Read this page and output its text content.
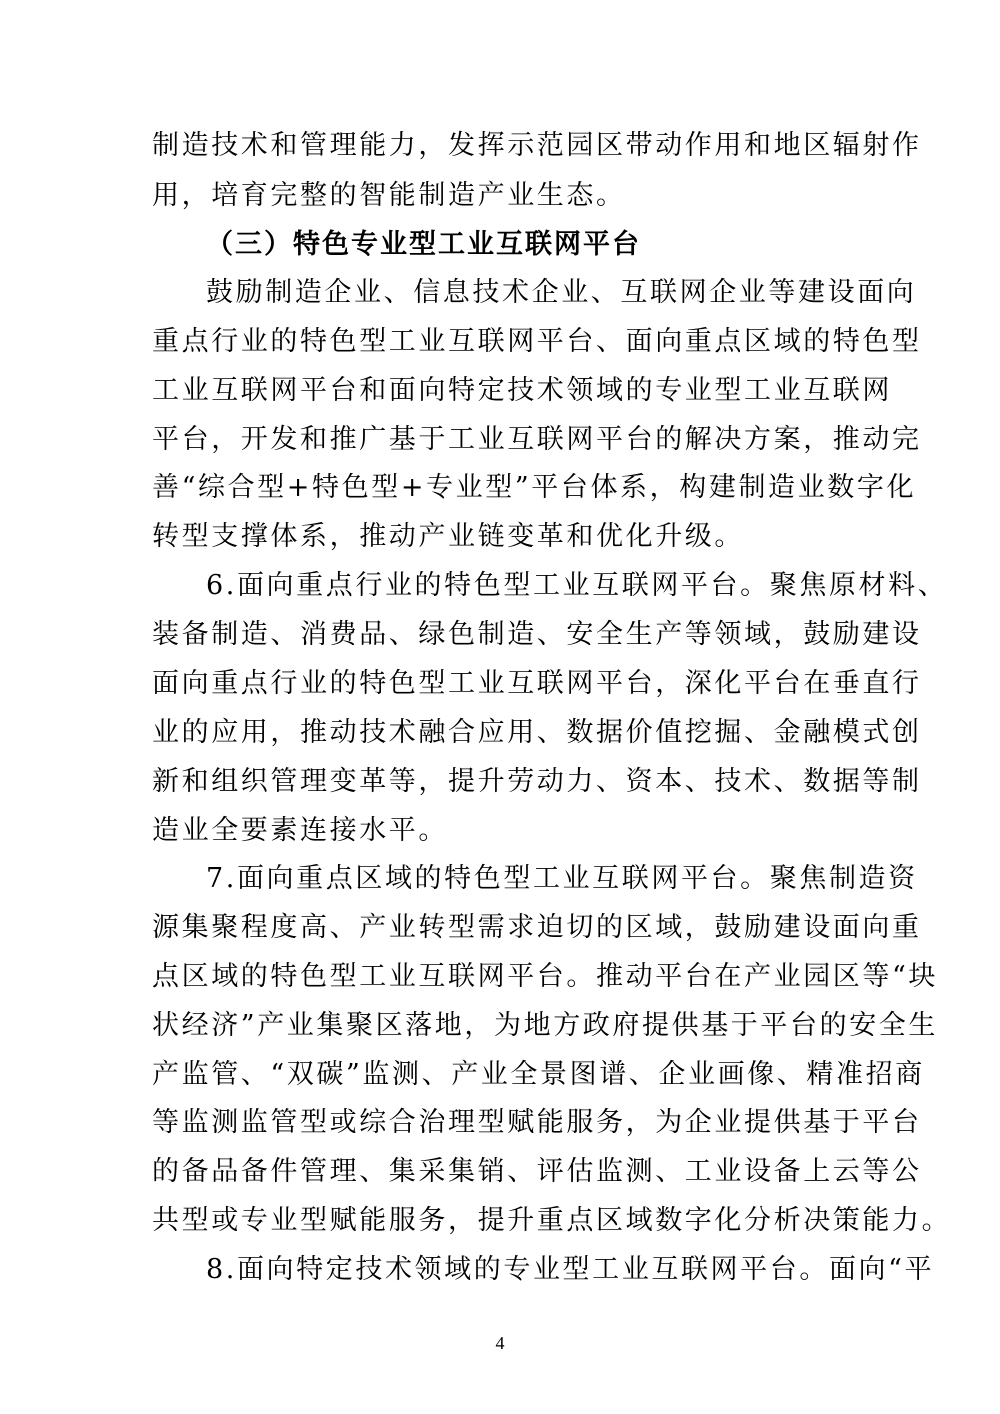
制造技术和管理能力，发挥示范园区带动作用和地区辐射作
用，培育完整的智能制造产业生态。
（三）特色专业型工业互联网平台
鼓励制造企业、信息技术企业、互联网企业等建设面向
重点行业的特色型工业互联网平台、面向重点区域的特色型
工业互联网平台和面向特定技术领域的专业型工业互联网
平台，开发和推广基于工业互联网平台的解决方案，推动完
善“综合型+特色型+专业型”平台体系，构建制造业数字化
转型支撑体系，推动产业链变革和优化升级。
6.面向重点行业的特色型工业互联网平台。聚焦原材料、
装备制造、消费品、绿色制造、安全生产等领域，鼓励建设
面向重点行业的特色型工业互联网平台，深化平台在垂直行
业的应用，推动技术融合应用、数据价值挖掘、金融模式创
新和组织管理变革等，提升劳动力、资本、技术、数据等制
造业全要素连接水平。
7.面向重点区域的特色型工业互联网平台。聚焦制造资
源集聚程度高、产业转型需求迫切的区域，鼓励建设面向重
点区域的特色型工业互联网平台。推动平台在产业园区等“块
状经济”产业集聚区落地，为地方政府提供基于平台的安全生
产监管、“双碳”监测、产业全景图谱、企业画像、精准招商
等监测监管型或综合治理型赋能服务，为企业提供基于平台
的备品备件管理、集采集销、评估监测、工业设备上云等公
共型或专业型赋能服务，提升重点区域数字化分析决策能力。
8.面向特定技术领域的专业型工业互联网平台。面向“平
4
